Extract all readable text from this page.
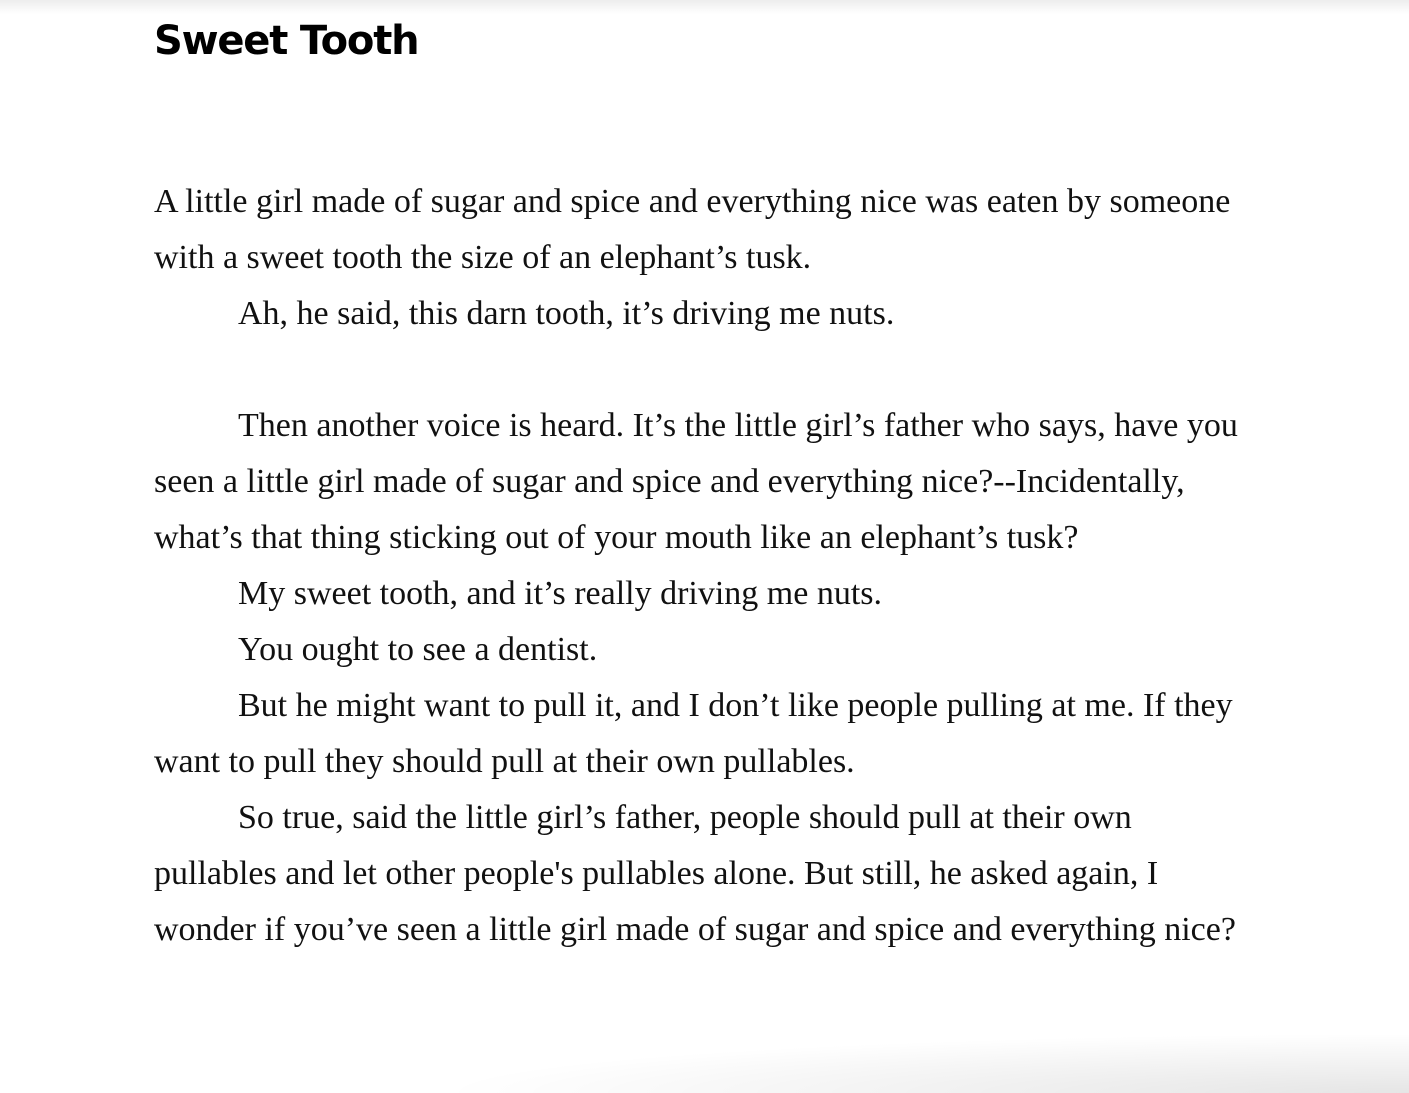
Sweet Tooth

A little girl made of sugar and spice and everything nice was eaten by someone with a sweet tooth the size of an elephant’s tusk.

Ah, he said, this darn tooth, it’s driving me nuts.

Then another voice is heard. It’s the little girl’s father who says, have you seen a little girl made of sugar and spice and everything nice?--Incidentally, what’s that thing sticking out of your mouth like an elephant’s tusk?

My sweet tooth, and it’s really driving me nuts.

You ought to see a dentist.

But he might want to pull it, and I don’t like people pulling at me. If they want to pull they should pull at their own pullables.

So true, said the little girl’s father, people should pull at their own pullables and let other people's pullables alone. But still, he asked again, I wonder if you’ve seen a little girl made of sugar and spice and everything nice?
